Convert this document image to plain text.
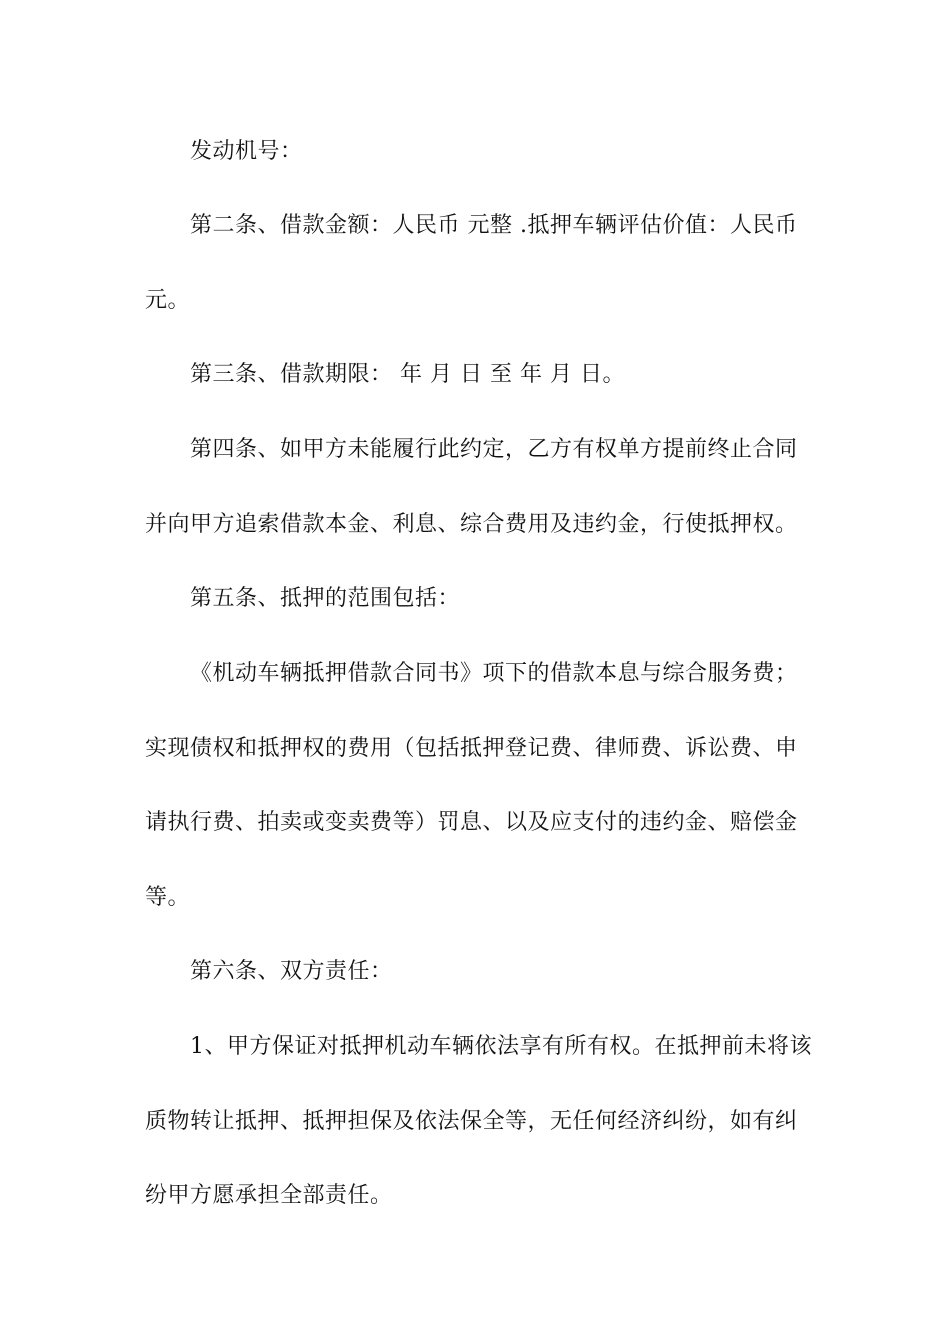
发动机号：
第二条、借款金额：人民币 元整 .抵押车辆评估价值：人民币
元。
第三条、借款期限： 年 月 日 至 年 月 日。
第四条、如甲方未能履行此约定，乙方有权单方提前终止合同
并向甲方追索借款本金、利息、综合费用及违约金，行使抵押权。
第五条、抵押的范围包括：
《机动车辆抵押借款合同书》项下的借款本息与综合服务费；
实现债权和抵押权的费用（包括抵押登记费、律师费、诉讼费、申
请执行费、拍卖或变卖费等）罚息、以及应支付的违约金、赔偿金
等。
第六条、双方责任：
1、甲方保证对抵押机动车辆依法享有所有权。在抵押前未将该
质物转让抵押、抵押担保及依法保全等，无任何经济纠纷，如有纠
纷甲方愿承担全部责任。
